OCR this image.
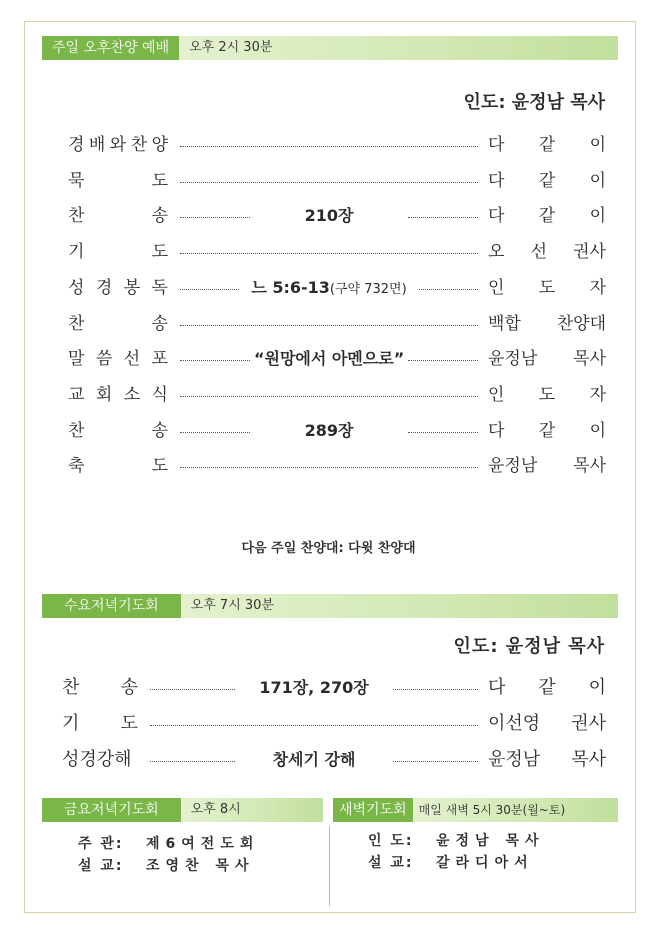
주일 오후찬양 예배	오후 2시 30분
인도: 윤정남 목사
경 배 와 찬 양	다 같 이
묵	도	다 같 이
찬	송	210장	다 같 이
기	도	오 선 권사
성 경 봉 독	느 5:6-13(구약 732면)	인 도 자
찬	송	백합 찬양대
말 씀 선 포	“원망에서 아멘으로”	윤정남 목사
교 회 소 식	인 도 자
찬	송	289장	다 같 이
축	도	윤정남 목사
다음 주일 찬양대: 다윗 찬양대
수요저녁기도회	오후 7시 30분
인도: 윤정남 목사
찬 송	171장, 270장	다 같 이
기 도	이선영 권사
성경강해	창세기 강해	윤정남 목사
금요저녁기도회	오후 8시
주 관: 제6여전도회
설 교: 조영찬 목사
새벽기도회	매일 새벽 5시 30분(월~토)
인 도: 윤정남 목사
설 교: 갈라디아서
